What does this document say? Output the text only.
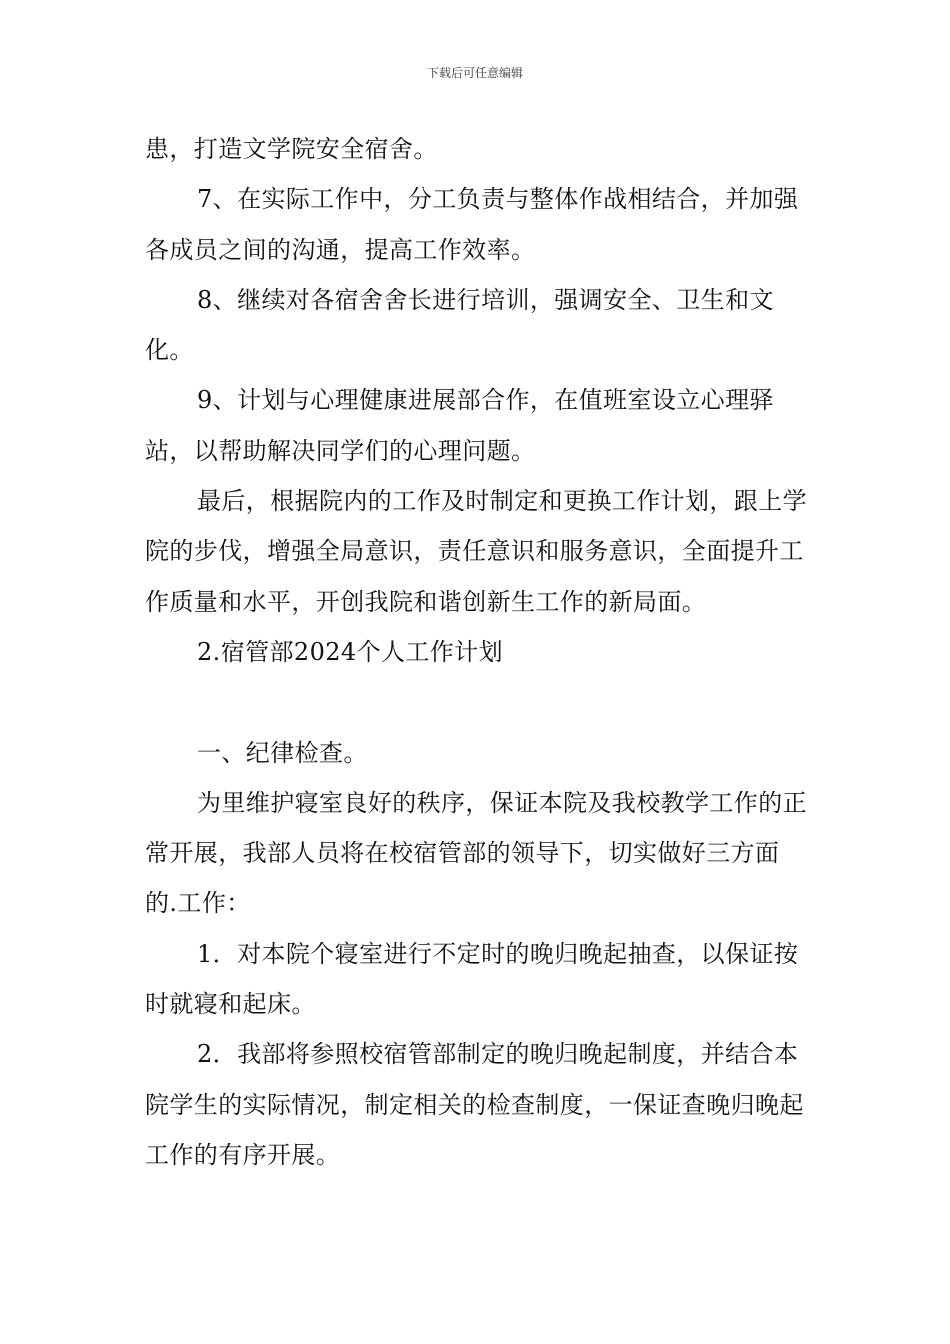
下载后可任意编辑

患，打造文学院安全宿舍。

7、在实际工作中，分工负责与整体作战相结合，并加强各成员之间的沟通，提高工作效率。

8、继续对各宿舍舍长进行培训，强调安全、卫生和文化。

9、计划与心理健康进展部合作，在值班室设立心理驿站，以帮助解决同学们的心理问题。

最后，根据院内的工作及时制定和更换工作计划，跟上学院的步伐，增强全局意识，责任意识和服务意识，全面提升工作质量和水平，开创我院和谐创新生工作的新局面。

2.宿管部2024个人工作计划

一、纪律检查。

为里维护寝室良好的秩序，保证本院及我校教学工作的正常开展，我部人员将在校宿管部的领导下，切实做好三方面的.工作：

1．对本院个寝室进行不定时的晚归晚起抽查，以保证按时就寝和起床。

2．我部将参照校宿管部制定的晚归晚起制度，并结合本院学生的实际情况，制定相关的检查制度，一保证查晚归晚起工作的有序开展。
